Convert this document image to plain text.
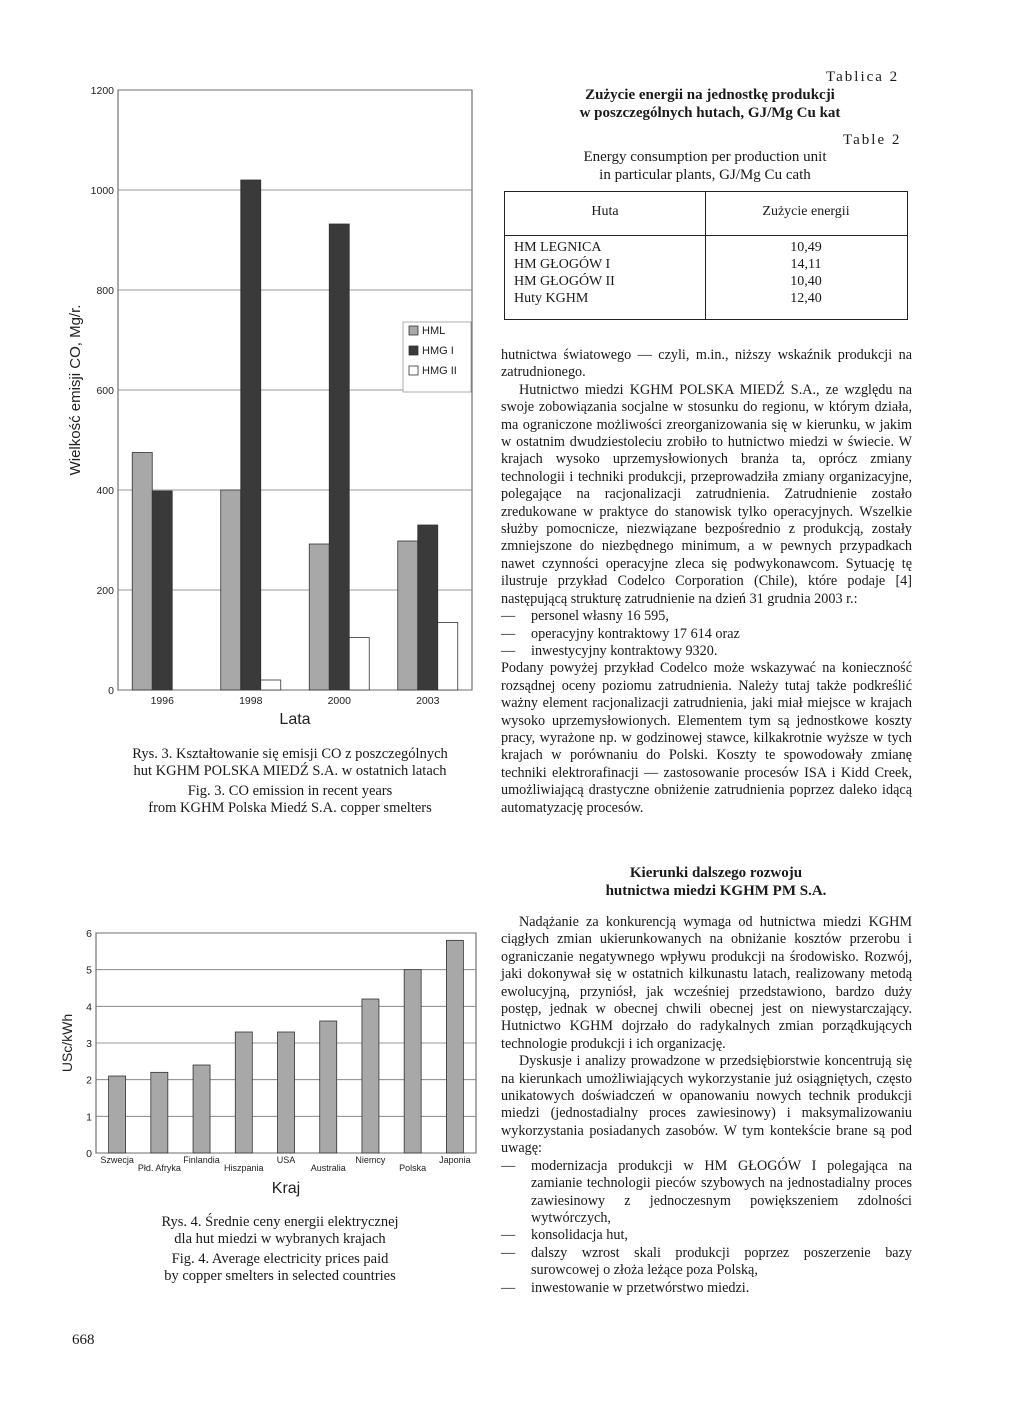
0
200
400
600
800
1000
1200
1996	1998	2000	2003
Lata
Wielkość emisji CO, Mg/r.	HML
HMG I
HMG II
Rys. 3. Kształtowanie się emisji CO z poszczególnych
hut KGHM POLSKA MIEDŹ S.A. w ostatnich latach
Fig. 3. CO emission in recent years
from KGHM Polska Miedź S.A. copper smelters
0
1
2
3
4
5
6
Szwecja
Płd. Afryka
Finlandia
Hiszpania
USA
Australia
Niemcy
Polska
Japonia
Kraj
USc/kWh
Rys. 4. Średnie ceny energii elektrycznej
dla hut miedzi w wybranych krajach
Fig. 4. Average electricity prices paid
by copper smelters in selected countries
Tablica 2
Zużycie energii na jednostkę produkcji
w poszczególnych hutach, GJ/Mg Cu kat
Table 2
Energy consumption per production unit
in particular plants, GJ/Mg Cu cath
Huta	Zużycie energii
HM LEGNICA	10,49
HM GŁOGÓW I	14,11
HM GŁOGÓW II	10,40
Huty KGHM	12,40

hutnictwa światowego — czyli, m.in., niższy wskaźnik produkcji na zatrudnionego.

Hutnictwo miedzi KGHM POLSKA MIEDŹ S.A., ze względu na swoje zobowiązania socjalne w stosunku do regionu, w którym działa, ma ograniczone możliwości zreorganizowania się w kierunku, w jakim w ostatnim dwudziestoleciu zrobiło to hutnictwo miedzi w świecie. W krajach wysoko uprzemysłowionych branża ta, oprócz zmiany technologii i techniki produkcji, przeprowadziła zmiany organizacyjne, polegające na racjonalizacji zatrudnienia. Zatrudnienie zostało zredukowane w praktyce do stanowisk tylko operacyjnych. Wszelkie służby pomocnicze, niezwiązane bezpośrednio z produkcją, zostały zmniejszone do niezbędnego minimum, a w pewnych przypadkach nawet czynności operacyjne zleca się podwykonawcom. Sytuację tę ilustruje przykład Codelco Corporation (Chile), które podaje [4] następującą strukturę zatrudnienie na dzień 31 grudnia 2003 r.:

— personel własny 16 595,
— operacyjny kontraktowy 17 614 oraz
— inwestycyjny kontraktowy 9320.

Podany powyżej przykład Codelco może wskazywać na konieczność rozsądnej oceny poziomu zatrudnienia. Należy tutaj także podkreślić ważny element racjonalizacji zatrudnienia, jaki miał miejsce w krajach wysoko uprzemysłowionych. Elementem tym są jednostkowe koszty pracy, wyrażone np. w godzinowej stawce, kilkakrotnie wyższe w tych krajach w porównaniu do Polski. Koszty te spowodowały zmianę techniki elektrorafinacji — zastosowanie procesów ISA i Kidd Creek, umożliwiającą drastyczne obniżenie zatrudnienia poprzez daleko idącą automatyzację procesów.

Kierunki dalszego rozwoju
hutnictwa miedzi KGHM PM S.A.

Nadążanie za konkurencją wymaga od hutnictwa miedzi KGHM ciągłych zmian ukierunkowanych na obniżanie kosztów przerobu i ograniczanie negatywnego wpływu produkcji na środowisko. Rozwój, jaki dokonywał się w ostatnich kilkunastu latach, realizowany metodą ewolucyjną, przyniósł, jak wcześniej przedstawiono, bardzo duży postęp, jednak w obecnej chwili obecnej jest on niewystarczający. Hutnictwo KGHM dojrzało do radykalnych zmian porządkujących technologie produkcji i ich organizację.

Dyskusje i analizy prowadzone w przedsiębiorstwie koncentrują się na kierunkach umożliwiających wykorzystanie już osiągniętych, często unikatowych doświadczeń w opanowaniu nowych technik produkcji miedzi (jednostadialny proces zawiesinowy) i maksymalizowaniu wykorzystania posiadanych zasobów. W tym kontekście brane są pod uwagę:

— modernizacja produkcji w HM GŁOGÓW I polegająca na zamianie technologii pieców szybowych na jednostadialny proces zawiesinowy z jednoczesnym powiększeniem zdolności wytwórczych,
— konsolidacja hut,
— dalszy wzrost skali produkcji poprzez poszerzenie bazy surowcowej o złoża leżące poza Polską,
— inwestowanie w przetwórstwo miedzi.
668
